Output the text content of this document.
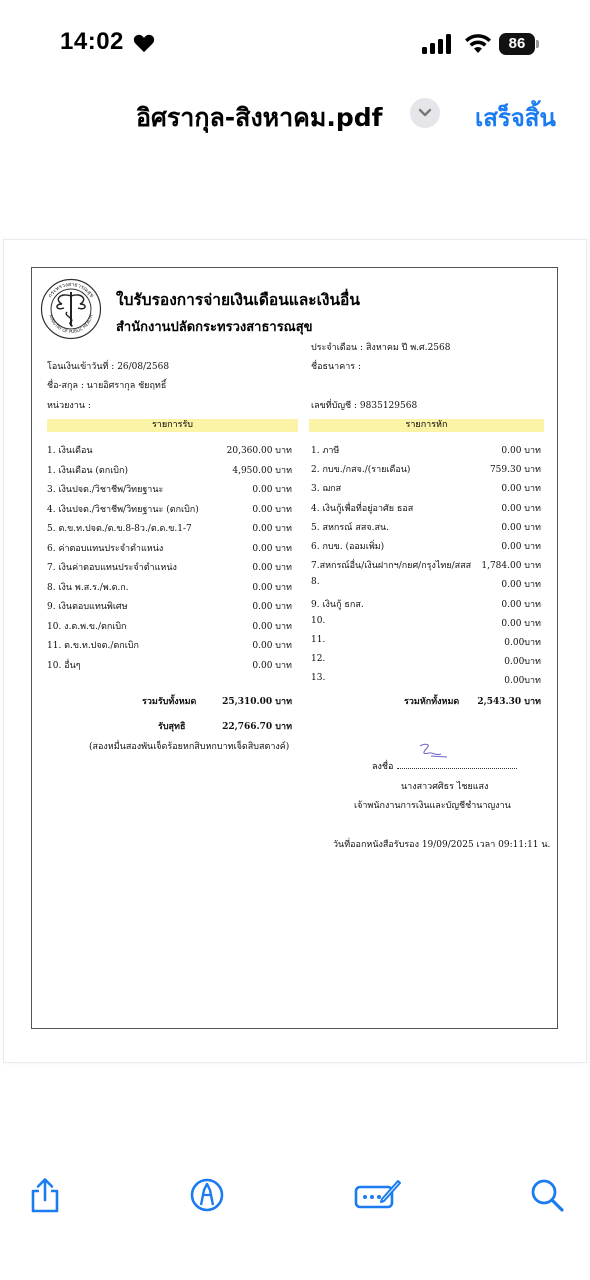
14:02	86
อิศรากุล-สิงหาคม.pdf	เสร็จสิ้น
กระทรวงสาธารณสุข
MINISTRY OF PUBLIC HEALTH
ใบรับรองการจ่ายเงินเดือนและเงินอื่น
สำนักงานปลัดกระทรวงสาธารณสุข
ประจำเดือน : สิงหาคม ปี พ.ศ.2568
โอนเงินเข้าวันที่ : 26/08/2568	ชื่อธนาคาร :
ชื่อ-สกุล : นายอิศรากุล ชัยฤทธิ์
หน่วยงาน :	เลขที่บัญชี : 9835129568
รายการรับ	รายการหัก
1. เงินเดือน	20,360.00 บาท
1. เงินเดือน (ตกเบิก)	4,950.00 บาท
3. เงินปจต./วิชาชีพ/วิทยฐานะ	0.00 บาท
4. เงินปจต./วิชาชีพ/วิทยฐานะ (ตกเบิก)	0.00 บาท
5. ต.ข.ท.ปจต./ต.ข.8-8ว./ต.ด.ข.1-7	0.00 บาท
6. ค่าตอบแทนประจำตำแหน่ง	0.00 บาท
7. เงินค่าตอบแทนประจำตำแหน่ง	0.00 บาท
8. เงิน พ.ส.ร./พ.ต.ก.	0.00 บาท
9. เงินตอบแทนพิเศษ	0.00 บาท
10. ง.ต.พ.ข./ตกเบิก	0.00 บาท
11. ต.ข.ท.ปจต./ตกเบิก	0.00 บาท
10. อื่นๆ	0.00 บาท
1. ภาษี	0.00 บาท
2. กบข./กสจ./(รายเดือน)	759.30 บาท
3. ฌกส	0.00 บาท
4. เงินกู้เพื่อที่อยู่อาศัย ธอส	0.00 บาท
5. สหกรณ์ สสจ.สน.	0.00 บาท
6. กบข. (ออมเพิ่ม)	0.00 บาท
7.สหกรณ์อื่น/เงินฝากฯ/กยศ/กรุงไทย/สสส	1,784.00 บาท
8.	0.00 บาท
9. เงินกู้ ธกส.	0.00 บาท
10.	0.00 บาท
11.	0.00บาท
12.	0.00บาท
13.	0.00บาท
รวมรับทั้งหมด	25,310.00 บาท
รับสุทธิ	22,766.70 บาท
(สองหมื่นสองพันเจ็ดร้อยหกสิบหกบาทเจ็ดสิบสตางค์)
รวมหักทั้งหมด	2,543.30 บาท
ลงชื่อ
นางสาวศศิธร ไชยแสง
เจ้าพนักงานการเงินและบัญชีชำนาญงาน
วันที่ออกหนังสือรับรอง 19/09/2025 เวลา 09:11:11 น.
